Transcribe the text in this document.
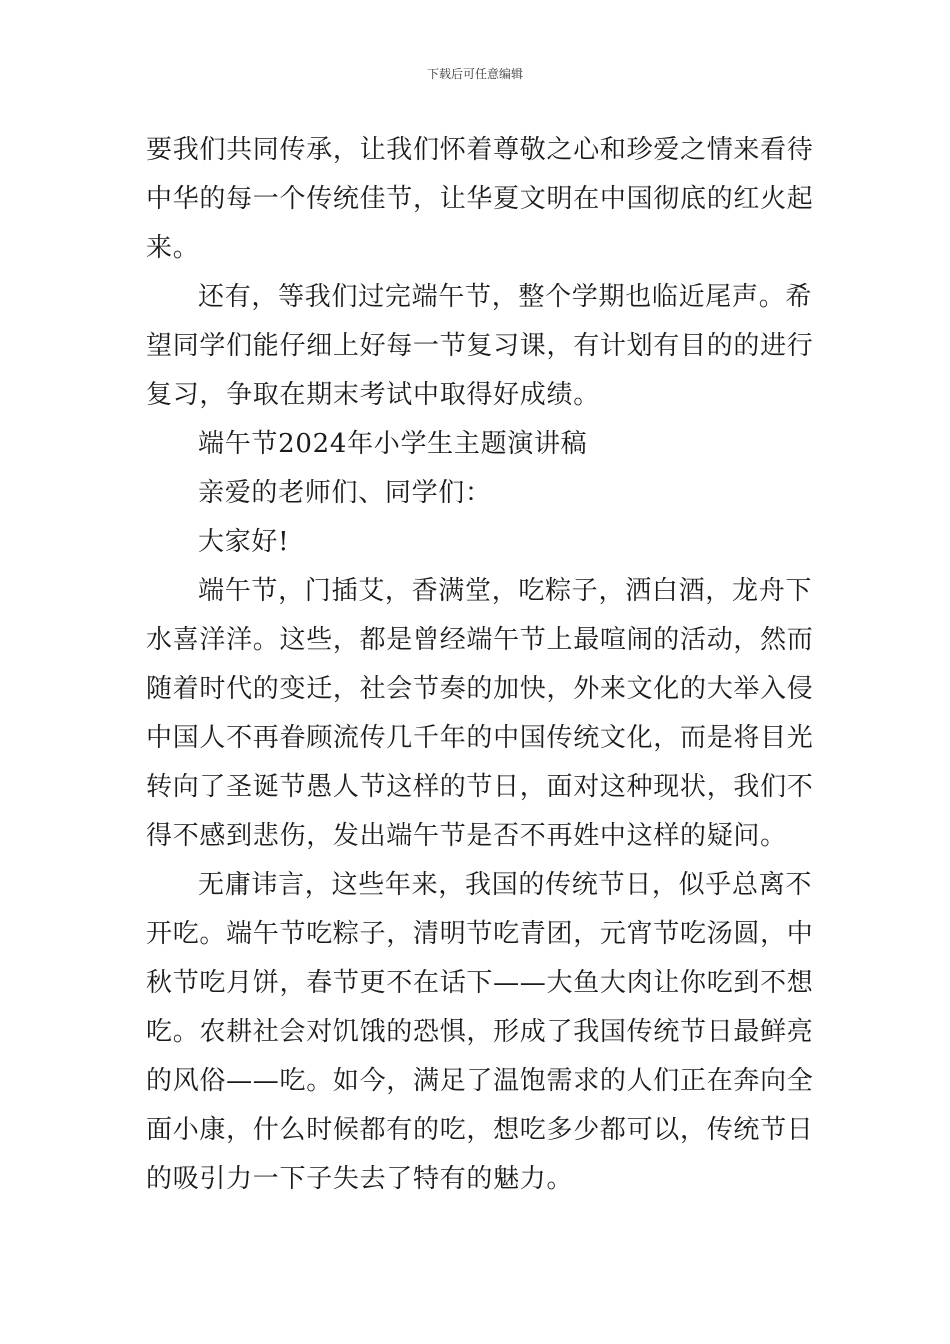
下载后可任意编辑
要我们共同传承，让我们怀着尊敬之心和珍爱之情来看待
中华的每一个传统佳节，让华夏文明在中国彻底的红火起
来。
还有，等我们过完端午节，整个学期也临近尾声。希
望同学们能仔细上好每一节复习课，有计划有目的的进行
复习，争取在期末考试中取得好成绩。
端午节2024年小学生主题演讲稿
亲爱的老师们、同学们：
大家好!
端午节，门插艾，香满堂，吃粽子，洒白酒，龙舟下
水喜洋洋。这些，都是曾经端午节上最喧闹的活动，然而
随着时代的变迁，社会节奏的加快，外来文化的大举入侵
中国人不再眷顾流传几千年的中国传统文化，而是将目光
转向了圣诞节愚人节这样的节日，面对这种现状，我们不
得不感到悲伤，发出端午节是否不再姓中这样的疑问。
无庸讳言，这些年来，我国的传统节日，似乎总离不
开吃。端午节吃粽子，清明节吃青团，元宵节吃汤圆，中
秋节吃月饼，春节更不在话下——大鱼大肉让你吃到不想
吃。农耕社会对饥饿的恐惧，形成了我国传统节日最鲜亮
的风俗——吃。如今，满足了温饱需求的人们正在奔向全
面小康，什么时候都有的吃，想吃多少都可以，传统节日
的吸引力一下子失去了特有的魅力。
